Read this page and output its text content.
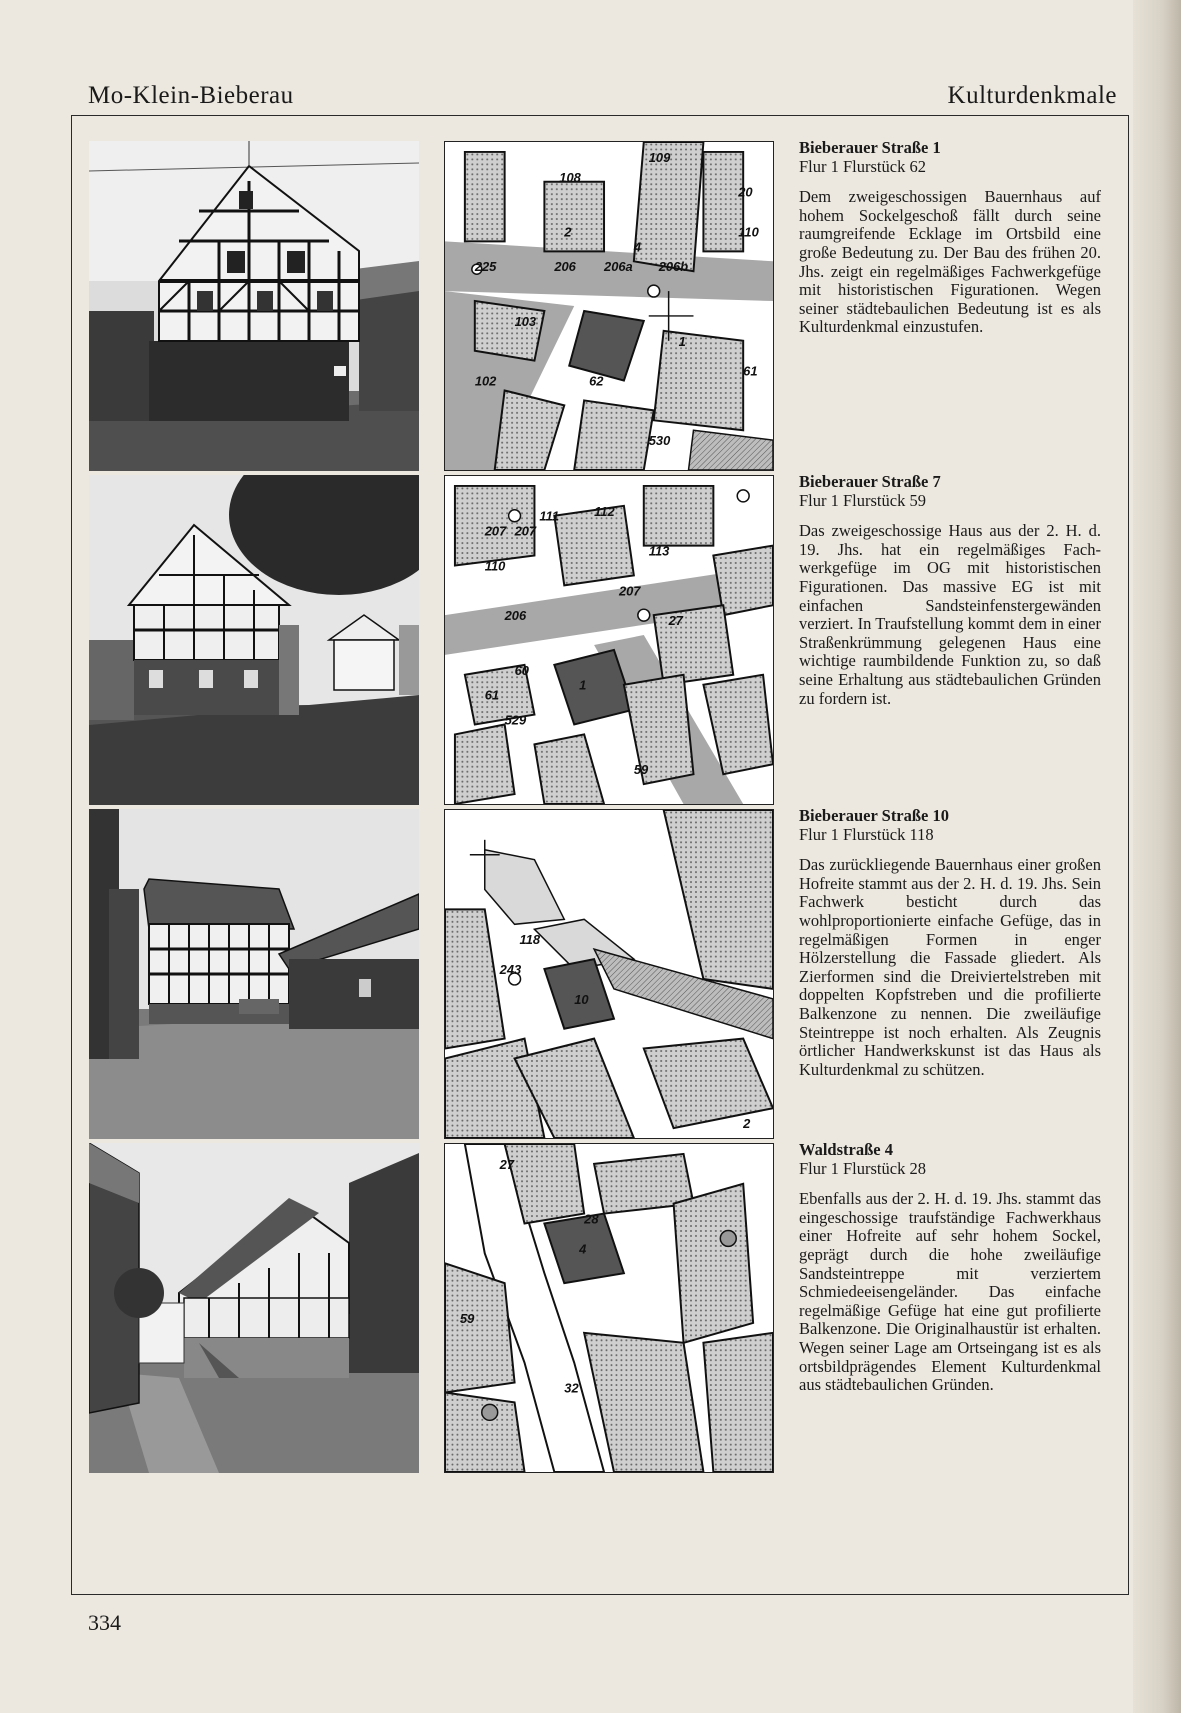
Mo-Klein-Bieberau	Kulturdenkmale
109
108
2
4
20
110
225	206 206a 206b
103
102	62
61
530
1
Bieberauer Straße 1
Flur 1 Flurstück 62
Dem zweigeschossigen Bauernhaus auf hohem Sockelgeschoß fällt durch seine raumgreifende Ecklage im Ortsbild eine große Bedeutung zu. Der Bau des frühen 20. Jhs. zeigt ein regelmäßiges Fachwerkgefüge mit historistischen Figurationen. Wegen seiner städtebaulichen Bedeutung ist es als Kulturdenkmal einzustufen.
207
111	112
207
110
113
207
206	27
60
61
529
59
1
Bieberauer Straße 7
Flur 1 Flurstück 59
Das zweigeschossige Haus aus der 2. H. d. 19. Jhs. hat ein regelmäßiges Fachwerkgefüge im OG mit historistischen Figurationen. Das massive EG ist mit einfachen Sandsteinfenstergewänden verziert. In Traufstellung kommt dem in einer Straßenkrümmung gelegenen Haus eine wichtige raumbildende Funktion zu, so daß seine Erhaltung aus städtebaulichen Gründen zu fordern ist.
118
243
10
2
Bieberauer Straße 10
Flur 1 Flurstück 118
Das zurückliegende Bauernhaus einer großen Hofreite stammt aus der 2. H. d. 19. Jhs. Sein Fachwerk besticht durch das wohlproportionierte einfache Gefüge, das in regelmäßigen Formen in enger Hölzerstellung die Fassade gliedert. Als Zierformen sind die Dreiviertelstreben mit doppelten Kopfstreben und die profilierte Balkenzone zu nennen. Die zweiläufige Steintreppe ist noch erhalten. Als Zeugnis örtlicher Handwerkskunst ist das Haus als Kulturdenkmal zu schützen.
27
28
59
32
4
Waldstraße 4
Flur 1 Flurstück 28
Ebenfalls aus der 2. H. d. 19. Jhs. stammt das eingeschossige traufständige Fachwerkhaus einer Hofreite auf sehr hohem Sockel, geprägt durch die hohe zweiläufige Sandsteintreppe mit verziertem Schmiedeeisengeländer. Das einfache regelmäßige Gefüge hat eine gut profilierte Balkenzone. Die Originalhaustür ist erhalten. Wegen seiner Lage am Ortseingang ist es als ortsbildprägendes Element Kulturdenkmal aus städtebaulichen Gründen.
334
